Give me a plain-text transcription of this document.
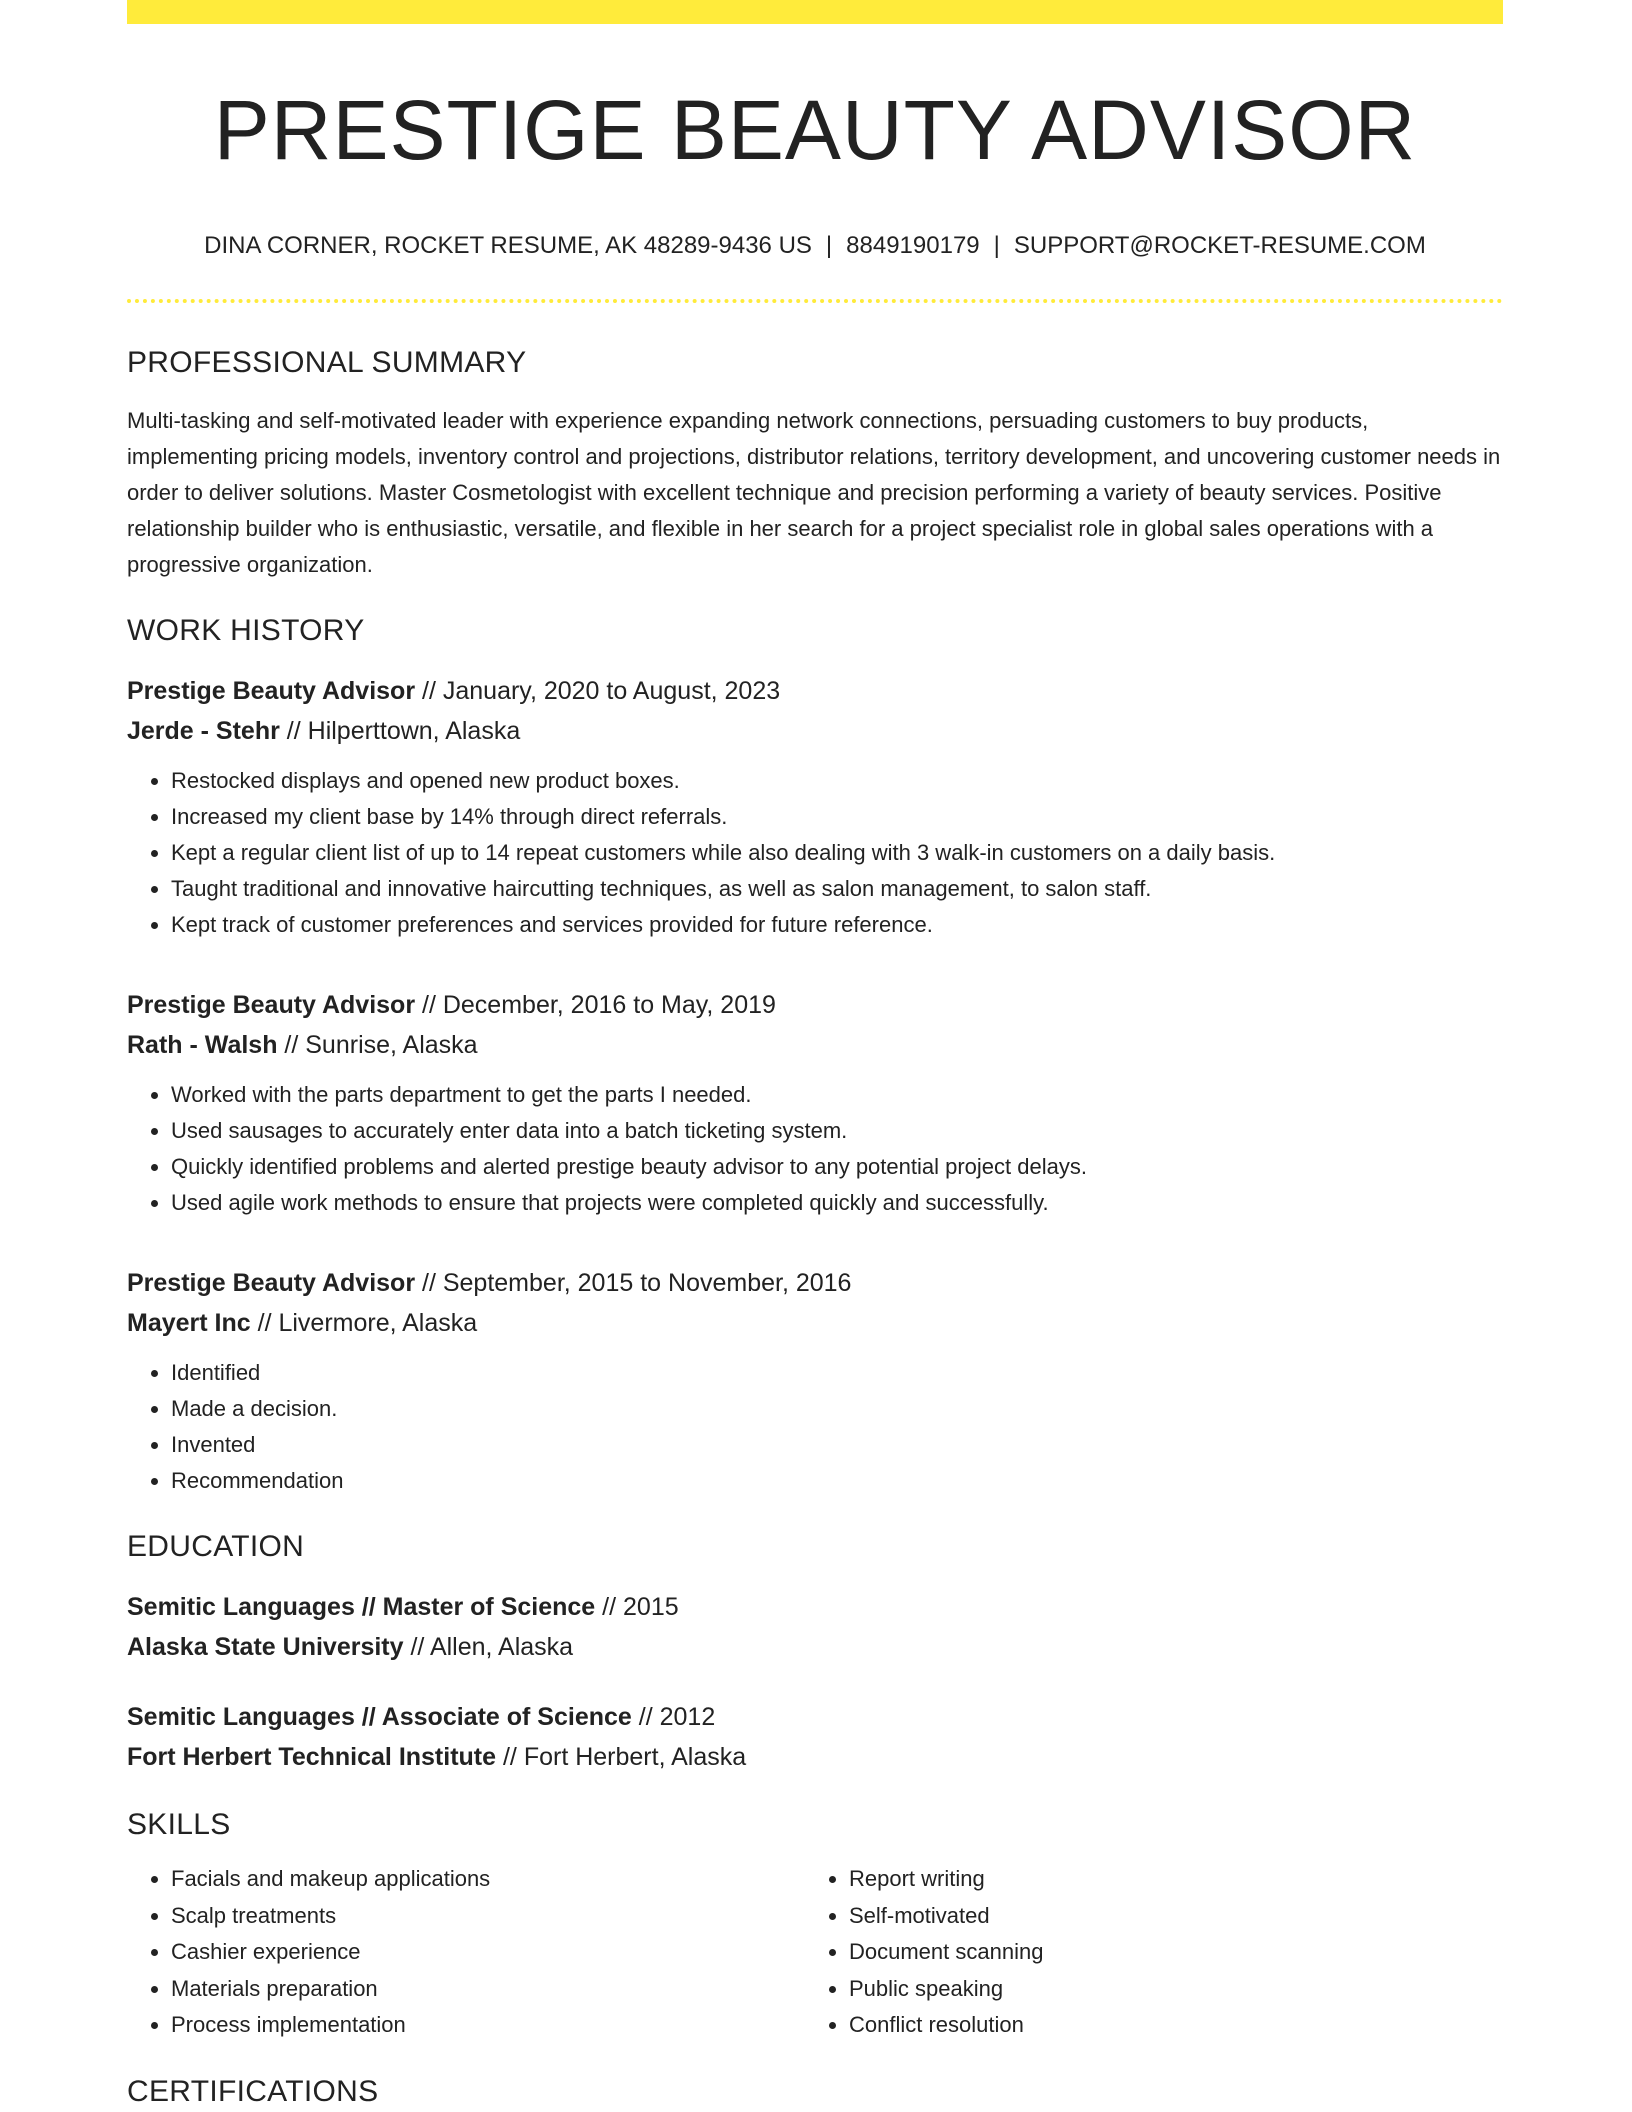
PRESTIGE BEAUTY ADVISOR
DINA CORNER, ROCKET RESUME, AK 48289-9436 US | 8849190179 | SUPPORT@ROCKET-RESUME.COM
PROFESSIONAL SUMMARY
Multi-tasking and self-motivated leader with experience expanding network connections, persuading customers to buy products, implementing pricing models, inventory control and projections, distributor relations, territory development, and uncovering customer needs in order to deliver solutions. Master Cosmetologist with excellent technique and precision performing a variety of beauty services. Positive relationship builder who is enthusiastic, versatile, and flexible in her search for a project specialist role in global sales operations with a progressive organization.
WORK HISTORY
Prestige Beauty Advisor // January, 2020 to August, 2023
Jerde - Stehr // Hilperttown, Alaska
• Restocked displays and opened new product boxes.
• Increased my client base by 14% through direct referrals.
• Kept a regular client list of up to 14 repeat customers while also dealing with 3 walk-in customers on a daily basis.
• Taught traditional and innovative haircutting techniques, as well as salon management, to salon staff.
• Kept track of customer preferences and services provided for future reference.
Prestige Beauty Advisor // December, 2016 to May, 2019
Rath - Walsh // Sunrise, Alaska
• Worked with the parts department to get the parts I needed.
• Used sausages to accurately enter data into a batch ticketing system.
• Quickly identified problems and alerted prestige beauty advisor to any potential project delays.
• Used agile work methods to ensure that projects were completed quickly and successfully.
Prestige Beauty Advisor // September, 2015 to November, 2016
Mayert Inc // Livermore, Alaska
• Identified
• Made a decision.
• Invented
• Recommendation
EDUCATION
Semitic Languages // Master of Science // 2015
Alaska State University // Allen, Alaska
Semitic Languages // Associate of Science // 2012
Fort Herbert Technical Institute // Fort Herbert, Alaska
SKILLS
• Facials and makeup applications
• Scalp treatments
• Cashier experience
• Materials preparation
• Process implementation
• Report writing
• Self-motivated
• Document scanning
• Public speaking
• Conflict resolution
CERTIFICATIONS
